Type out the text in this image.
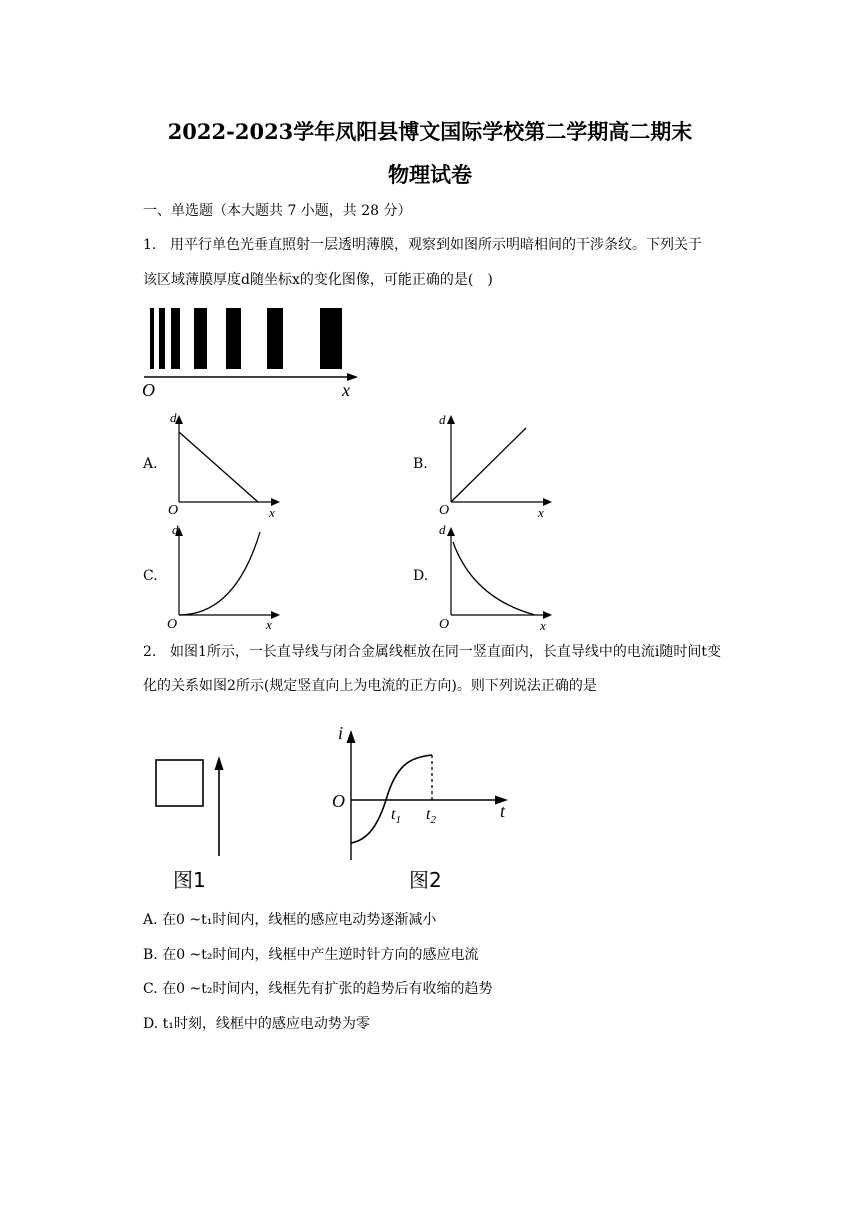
2022-2023学年凤阳县博文国际学校第二学期高二期末
物理试卷
一、单选题（本大题共 7 小题，共 28 分）
1. 用平行单色光垂直照射一层透明薄膜，观察到如图所示明暗相间的干涉条纹。下列关于
该区域薄膜厚度d随坐标x的变化图像，可能正确的是(　)
O	x
A.
d
O	x
B.
d
O	x
C.
d
O	x
D.
d
O	x
2. 如图1所示，一长直导线与闭合金属线框放在同一竖直面内，长直导线中的电流i随时间t变
化的关系如图2所示(规定竖直向上为电流的正方向)。则下列说法正确的是
图1
i
O	t
$t_1$ $t_2$
图2
A. 在0 ~t₁时间内，线框的感应电动势逐渐减小
B. 在0 ~t₂时间内，线框中产生逆时针方向的感应电流
C. 在0 ~t₂时间内，线框先有扩张的趋势后有收缩的趋势
D. t₁时刻，线框中的感应电动势为零
